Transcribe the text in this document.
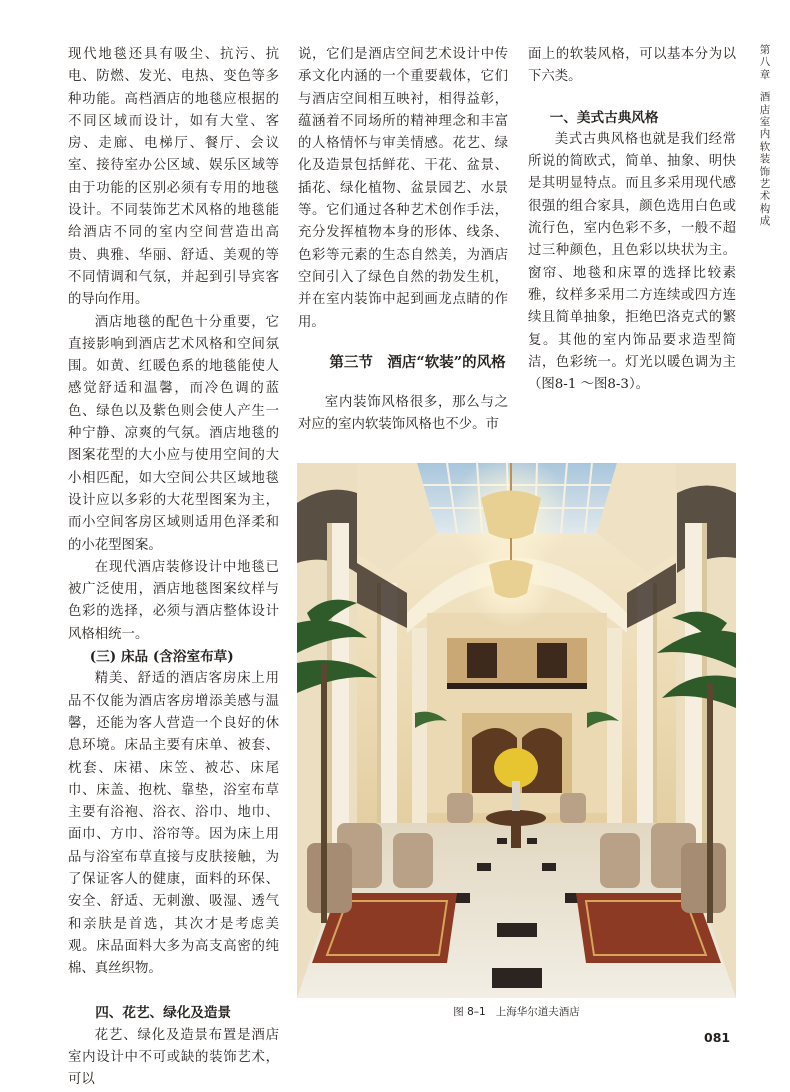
现代地毯还具有吸尘、抗污、抗电、防燃、发光、电热、变色等多种功能。高档酒店的地毯应根据的不同区域而设计，如有大堂、客房、走廊、电梯厅、餐厅、会议室、接待室办公区域、娱乐区域等由于功能的区别必须有专用的地毯设计。不同装饰艺术风格的地毯能给酒店不同的室内空间营造出高贵、典雅、华丽、舒适、美观的等不同情调和气氛，并起到引导宾客的导向作用。

酒店地毯的配色十分重要，它直接影响到酒店艺术风格和空间氛围。如黄、红暖色系的地毯能使人感觉舒适和温馨，而冷色调的蓝色、绿色以及紫色则会使人产生一种宁静、凉爽的气氛。酒店地毯的图案花型的大小应与使用空间的大小相匹配，如大空间公共区域地毯设计应以多彩的大花型图案为主，而小空间客房区域则适用色泽柔和的小花型图案。

在现代酒店装修设计中地毯已被广泛使用，酒店地毯图案纹样与色彩的选择，必须与酒店整体设计风格相统一。

(三) 床品 (含浴室布草)

精美、舒适的酒店客房床上用品不仅能为酒店客房增添美感与温馨，还能为客人营造一个良好的休息环境。床品主要有床单、被套、枕套、床裙、床笠、被芯、床尾巾、床盖、抱枕、靠垫，浴室布草主要有浴袍、浴衣、浴巾、地巾、面巾、方巾、浴帘等。因为床上用品与浴室布草直接与皮肤接触，为了保证客人的健康，面料的环保、安全、舒适、无刺激、吸湿、透气和亲肤是首选，其次才是考虑美观。床品面料大多为高支高密的纯棉、真丝织物。

四、花艺、绿化及造景

花艺、绿化及造景布置是酒店室内设计中不可或缺的装饰艺术，可以

说，它们是酒店空间艺术设计中传承文化内涵的一个重要载体，它们与酒店空间相互映衬，相得益彰，蕴涵着不同场所的精神理念和丰富的人格情怀与审美情感。花艺、绿化及造景包括鲜花、干花、盆景、插花、绿化植物、盆景园艺、水景等。它们通过各种艺术创作手法，充分发挥植物本身的形体、线条、色彩等元素的生态自然美，为酒店空间引入了绿色自然的勃发生机，并在室内装饰中起到画龙点睛的作用。

第三节　酒店“软装”的风格

室内装饰风格很多，那么与之对应的室内软装饰风格也不少。市

面上的软装风格，可以基本分为以下六类。

一、美式古典风格

美式古典风格也就是我们经常所说的简欧式，简单、抽象、明快是其明显特点。而且多采用现代感很强的组合家具，颜色选用白色或流行色，室内色彩不多，一般不超过三种颜色，且色彩以块状为主。窗帘、地毯和床罩的选择比较素雅，纹样多采用二方连续或四方连续且简单抽象，拒绝巴洛克式的繁复。其他的室内饰品要求造型简洁，色彩统一。灯光以暖色调为主（图8-1 ～图8-3）。

第八章
酒店室内软装饰艺术构成
图 8–1 上海华尔道夫酒店
081
